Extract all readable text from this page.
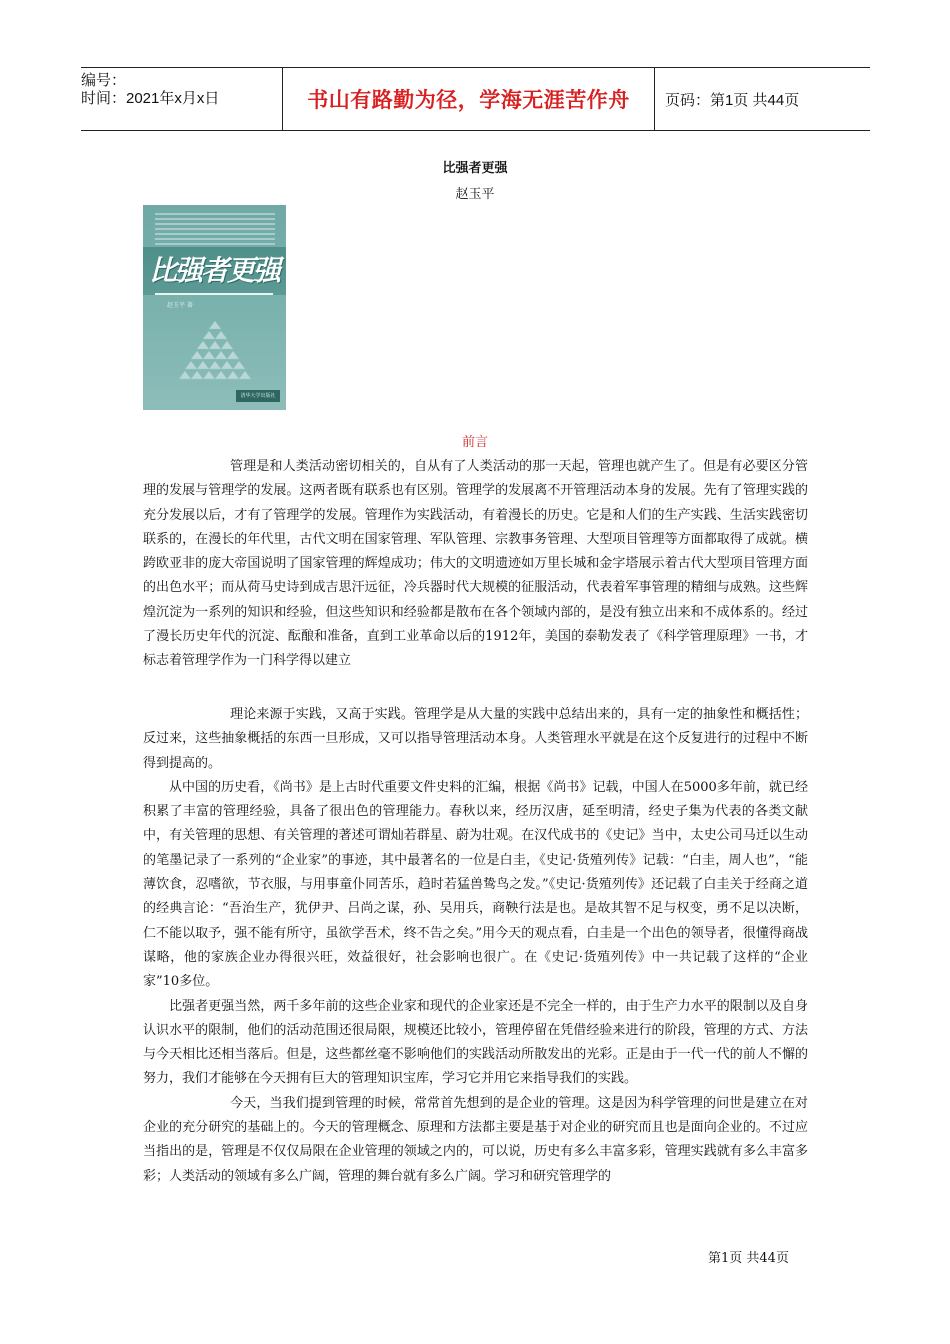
编号：
时间：2021年x月x日	书山有路勤为径，学海无涯苦作舟	页码：第1页 共44页
比强者更强
赵玉平
比强者更强
赵玉平 著
清华大学出版社
前言

管理是和人类活动密切相关的，自从有了人类活动的那一天起，管理也就产生了。但是有必要区分管理的发展与管理学的发展。这两者既有联系也有区别。管理学的发展离不开管理活动本身的发展。先有了管理实践的充分发展以后，才有了管理学的发展。管理作为实践活动，有着漫长的历史。它是和人们的生产实践、生活实践密切联系的，在漫长的年代里，古代文明在国家管理、军队管理、宗教事务管理、大型项目管理等方面都取得了成就。横跨欧亚非的庞大帝国说明了国家管理的辉煌成功；伟大的文明遗迹如万里长城和金字塔展示着古代大型项目管理方面的出色水平；而从荷马史诗到成吉思汗远征，冷兵器时代大规模的征服活动，代表着军事管理的精细与成熟。这些辉煌沉淀为一系列的知识和经验，但这些知识和经验都是散布在各个领域内部的，是没有独立出来和不成体系的。经过了漫长历史年代的沉淀、酝酿和准备，直到工业革命以后的1912年，美国的泰勒发表了《科学管理原理》一书，才标志着管理学作为一门科学得以建立

理论来源于实践，又高于实践。管理学是从大量的实践中总结出来的，具有一定的抽象性和概括性；反过来，这些抽象概括的东西一旦形成，又可以指导管理活动本身。人类管理水平就是在这个反复进行的过程中不断得到提高的。

从中国的历史看，《尚书》是上古时代重要文件史料的汇编，根据《尚书》记载，中国人在5000多年前，就已经积累了丰富的管理经验，具备了很出色的管理能力。春秋以来，经历汉唐，延至明清，经史子集为代表的各类文献中，有关管理的思想、有关管理的著述可谓灿若群星、蔚为壮观。在汉代成书的《史记》当中，太史公司马迁以生动的笔墨记录了一系列的“企业家”的事迹，其中最著名的一位是白圭，《史记·货殖列传》记载：“白圭，周人也”，“能薄饮食，忍嗜欲，节衣服，与用事童仆同苦乐，趋时若猛兽鸷鸟之发。”《史记·货殖列传》还记载了白圭关于经商之道的经典言论：“吾治生产，犹伊尹、吕尚之谋，孙、吴用兵，商鞅行法是也。是故其智不足与权变，勇不足以决断，仁不能以取予，强不能有所守，虽欲学吾术，终不告之矣。”用今天的观点看，白圭是一个出色的领导者，很懂得商战谋略，他的家族企业办得很兴旺，效益很好，社会影响也很广。在《史记·货殖列传》中一共记载了这样的“企业家”10多位。

比强者更强当然，两千多年前的这些企业家和现代的企业家还是不完全一样的，由于生产力水平的限制以及自身认识水平的限制，他们的活动范围还很局限，规模还比较小，管理停留在凭借经验来进行的阶段，管理的方式、方法与今天相比还相当落后。但是，这些都丝毫不影响他们的实践活动所散发出的光彩。正是由于一代一代的前人不懈的努力，我们才能够在今天拥有巨大的管理知识宝库，学习它并用它来指导我们的实践。

今天，当我们提到管理的时候，常常首先想到的是企业的管理。这是因为科学管理的问世是建立在对企业的充分研究的基础上的。今天的管理概念、原理和方法都主要是基于对企业的研究而且也是面向企业的。不过应当指出的是，管理是不仅仅局限在企业管理的领域之内的，可以说，历史有多么丰富多彩，管理实践就有多么丰富多彩；人类活动的领域有多么广阔，管理的舞台就有多么广阔。学习和研究管理学的

第1页 共44页
